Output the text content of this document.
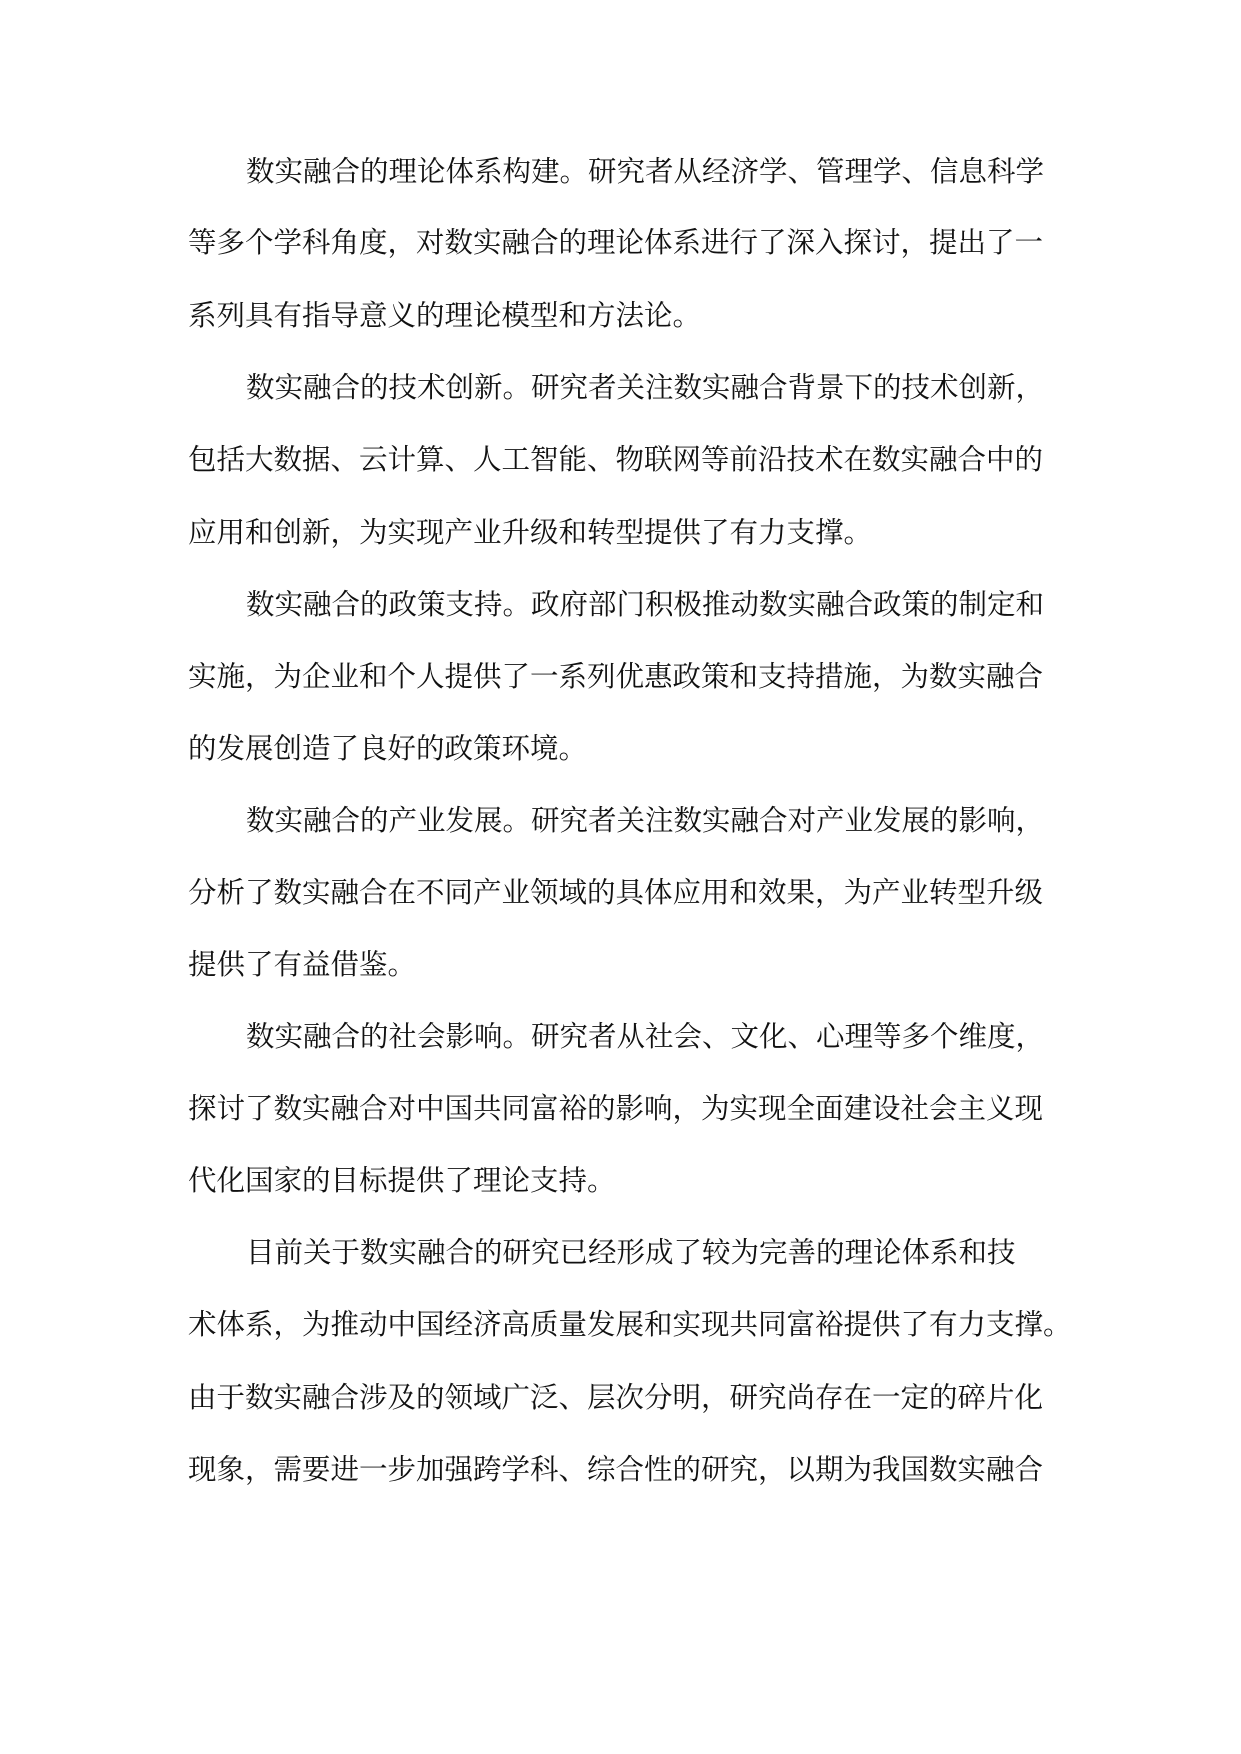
数实融合的理论体系构建。研究者从经济学、管理学、信息科学

等多个学科角度，对数实融合的理论体系进行了深入探讨，提出了一

系列具有指导意义的理论模型和方法论。

数实融合的技术创新。研究者关注数实融合背景下的技术创新，

包括大数据、云计算、人工智能、物联网等前沿技术在数实融合中的

应用和创新，为实现产业升级和转型提供了有力支撑。

数实融合的政策支持。政府部门积极推动数实融合政策的制定和

实施，为企业和个人提供了一系列优惠政策和支持措施，为数实融合

的发展创造了良好的政策环境。

数实融合的产业发展。研究者关注数实融合对产业发展的影响，

分析了数实融合在不同产业领域的具体应用和效果，为产业转型升级

提供了有益借鉴。

数实融合的社会影响。研究者从社会、文化、心理等多个维度，

探讨了数实融合对中国共同富裕的影响，为实现全面建设社会主义现

代化国家的目标提供了理论支持。

目前关于数实融合的研究已经形成了较为完善的理论体系和技

术体系，为推动中国经济高质量发展和实现共同富裕提供了有力支撑。

由于数实融合涉及的领域广泛、层次分明，研究尚存在一定的碎片化

现象，需要进一步加强跨学科、综合性的研究，以期为我国数实融合
